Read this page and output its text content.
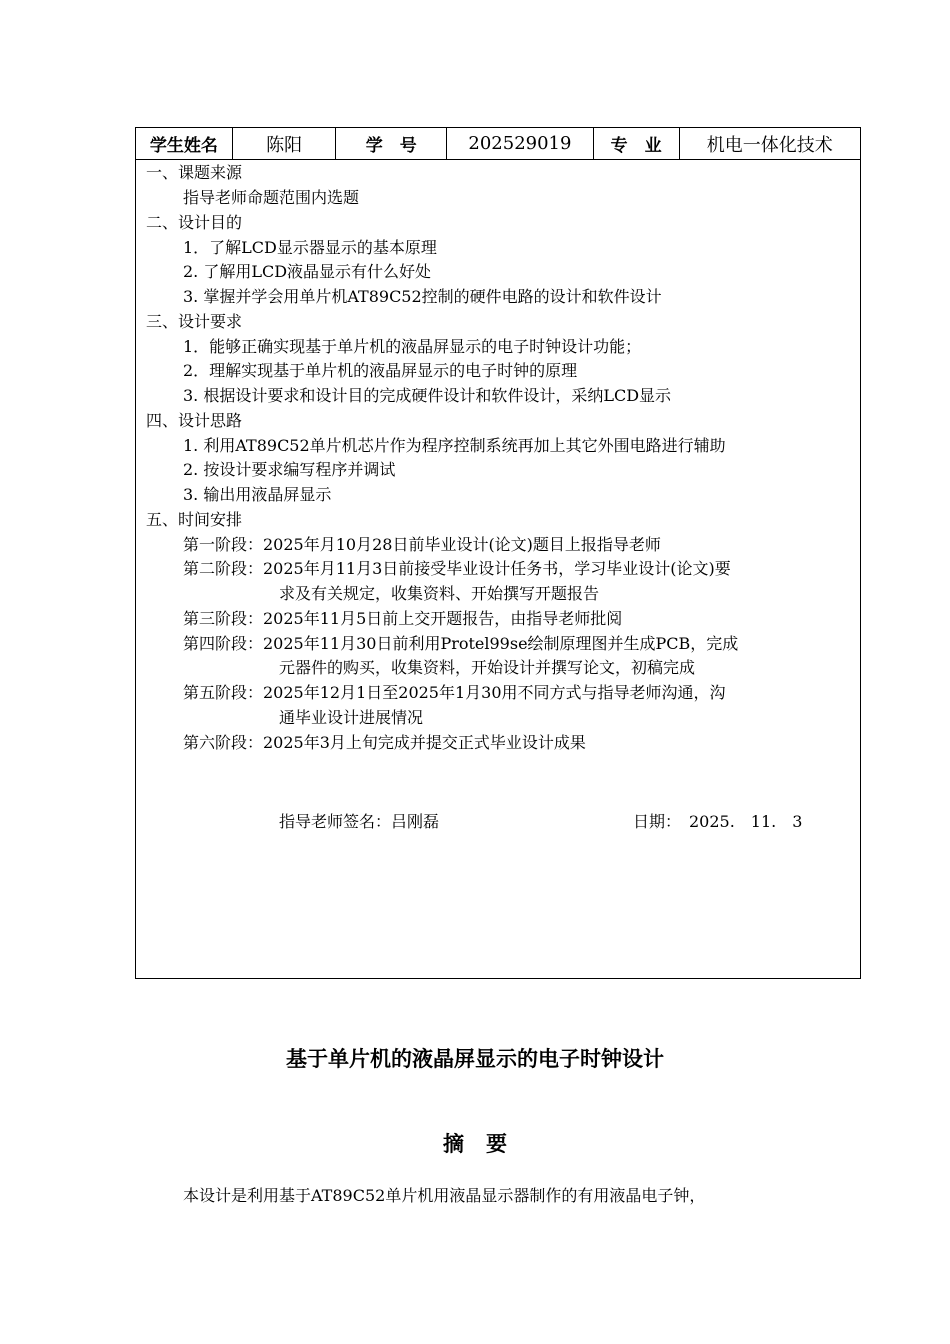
学生姓名	陈阳	学　号	202529019	专　业	机电一体化技术
一、课题来源
指导老师命题范围内选题
二、设计目的
1．了解LCD显示器显示的基本原理
2. 了解用LCD液晶显示有什么好处
3. 掌握并学会用单片机AT89C52控制的硬件电路的设计和软件设计
三、设计要求
1．能够正确实现基于单片机的液晶屏显示的电子时钟设计功能；
2．理解实现基于单片机的液晶屏显示的电子时钟的原理
3. 根据设计要求和设计目的完成硬件设计和软件设计，采纳LCD显示
四、设计思路
1. 利用AT89C52单片机芯片作为程序控制系统再加上其它外围电路进行辅助
2. 按设计要求编写程序并调试
3. 输出用液晶屏显示
五、时间安排
第一阶段：2025年月10月28日前毕业设计(论文)题目上报指导老师
第二阶段：2025年月11月3日前接受毕业设计任务书，学习毕业设计(论文)要
求及有关规定，收集资料、开始撰写开题报告
第三阶段：2025年11月5日前上交开题报告，由指导老师批阅
第四阶段：2025年11月30日前利用Protel99se绘制原理图并生成PCB，完成
元器件的购买，收集资料，开始设计并撰写论文，初稿完成
第五阶段：2025年12月1日至2025年1月30用不同方式与指导老师沟通，沟
通毕业设计进展情况
第六阶段：2025年3月上旬完成并提交正式毕业设计成果
指导老师签名：吕刚磊	日期：　2025.　11.　3
基于单片机的液晶屏显示的电子时钟设计
摘要
本设计是利用基于AT89C52单片机用液晶显示器制作的有用液晶电子钟，
